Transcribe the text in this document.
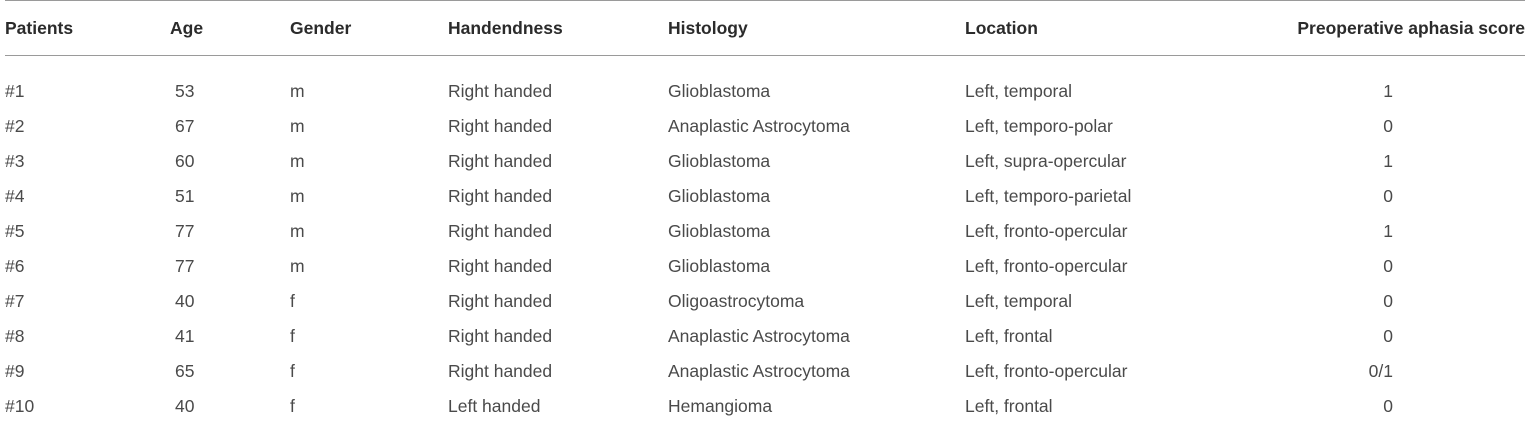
Patients	Age	Gender	Handendness	Histology	Location	Preoperative aphasia score
#1	53	m	Right handed	Glioblastoma	Left, temporal	1
#2	67	m	Right handed	Anaplastic Astrocytoma	Left, temporo-polar	0
#3	60	m	Right handed	Glioblastoma	Left, supra-opercular	1
#4	51	m	Right handed	Glioblastoma	Left, temporo-parietal	0
#5	77	m	Right handed	Glioblastoma	Left, fronto-opercular	1
#6	77	m	Right handed	Glioblastoma	Left, fronto-opercular	0
#7	40	f	Right handed	Oligoastrocytoma	Left, temporal	0
#8	41	f	Right handed	Anaplastic Astrocytoma	Left, frontal	0
#9	65	f	Right handed	Anaplastic Astrocytoma	Left, fronto-opercular	0/1
#10	40	f	Left handed	Hemangioma	Left, frontal	0
